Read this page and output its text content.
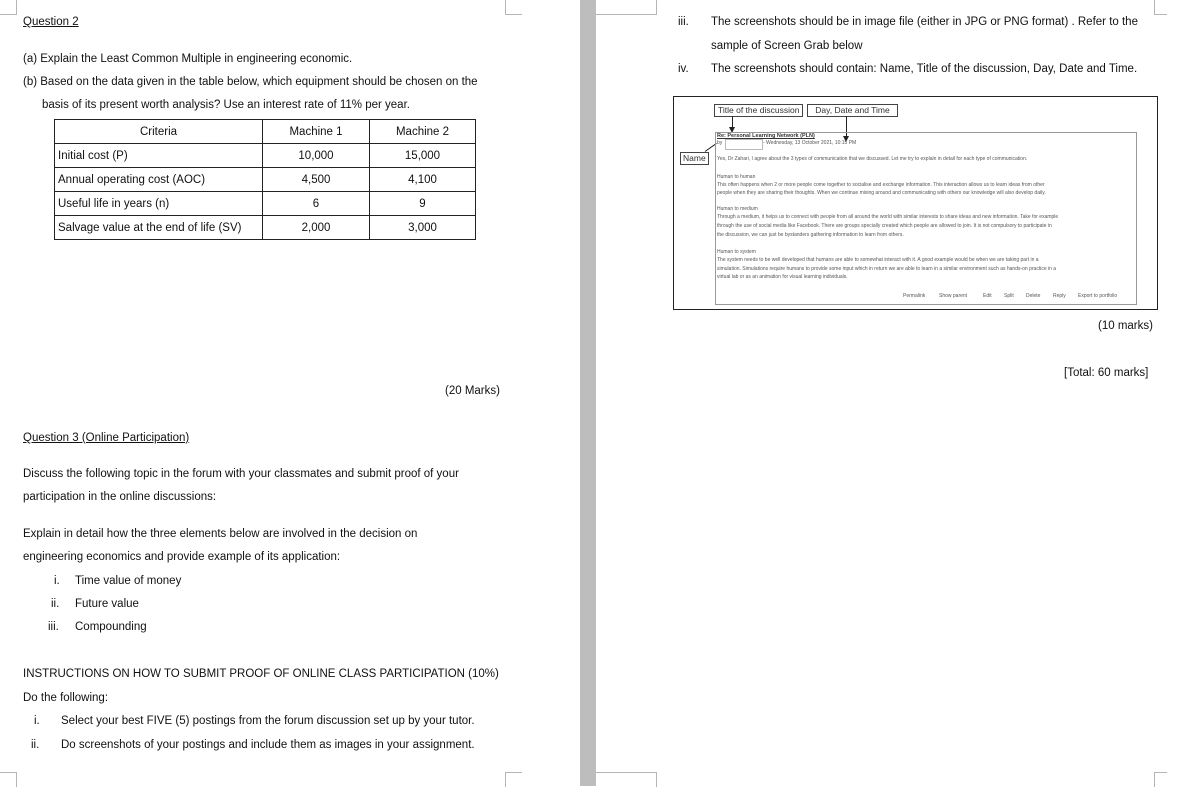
Question 2
(a) Explain the Least Common Multiple in engineering economic.
(b) Based on the data given in the table below, which equipment should be chosen on the
basis of its present worth analysis? Use an interest rate of 11% per year.
Criteria	Machine 1	Machine 2
Initial cost (P)	10,000	15,000
Annual operating cost (AOC)	4,500	4,100
Useful life in years (n)	6	9
Salvage value at the end of life (SV)	2,000	3,000
(20 Marks)
Question 3 (Online Participation)
Discuss the following topic in the forum with your classmates and submit proof of your
participation in the online discussions:
Explain in detail how the three elements below are involved in the decision on
engineering economics and provide example of its application:
i. Time value of money
ii. Future value
iii. Compounding
INSTRUCTIONS ON HOW TO SUBMIT PROOF OF ONLINE CLASS PARTICIPATION (10%)
Do the following:
i. Select your best FIVE (5) postings from the forum discussion set up by your tutor.
ii. Do screenshots of your postings and include them as images in your assignment.
iii. The screenshots should be in image file (either in JPG or PNG format) . Refer to the
sample of Screen Grab below
iv. The screenshots should contain: Name, Title of the discussion, Day, Date and Time.
Title of the discussion	Day, Date and Time
Name
Re: Personal Learning Network (PLN)
by	- Wednesday, 13 October 2021, 10:15 PM
Yes, Dr Zahari, I agree about the 3 types of communication that we discussed. Let me try to explain in detail for each type of communication.
Human to human
This often happens when 2 or more people come together to socialise and exchange information. This interaction allows us to learn ideas from other
people when they are sharing their thoughts. When we continue mixing around and communicating with others our knowledge will also develop daily.
Human to medium
Through a medium, it helps us to connect with people from all around the world with similar interests to share ideas and new information. Take for example
through the use of social media like Facebook. There are groups specially created which people are allowed to join. It is not compulsory to participate in
the discussion, we can just be bystanders gathering information to learn from others.
Human to system
The system needs to be well developed that humans are able to somewhat interact with it. A good example would be when we are taking part in a
simulation. Simulations require humans to provide some input which in return we are able to learn in a similar environment such as hands-on practice in a
virtual lab or as an animation for visual learning individuals.
Permalink	Show parent	Edit Split Delete	Reply Export to portfolio
(10 marks)
[Total: 60 marks]
